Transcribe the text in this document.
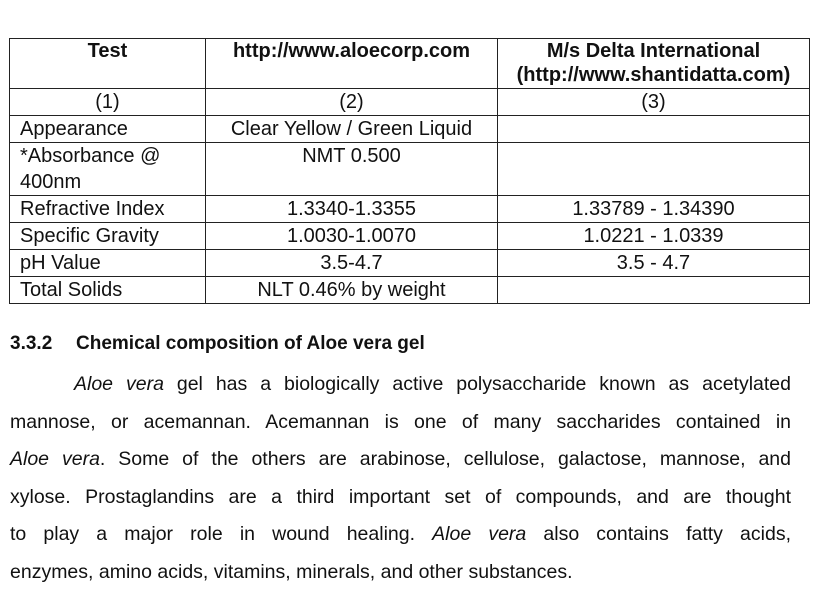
Test	http://www.aloecorp.com	M/s Delta International
(http://www.shantidatta.com)

(1)	(2)	(3)
Appearance	Clear Yellow / Green Liquid	

*Absorbance @
400nm	NMT 0.500	
Refractive Index	1.3340-1.3355	1.33789 - 1.34390
Specific Gravity	1.0030-1.0070	1.0221 - 1.0339
pH Value	3.5-4.7	3.5 - 4.7
Total Solids	NLT 0.46% by weight	
3.3.2 Chemical composition of Aloe vera gel
Aloe vera gel has a biologically active polysaccharide known as acetylated
mannose, or acemannan. Acemannan is one of many saccharides contained in
Aloe vera. Some of the others are arabinose, cellulose, galactose, mannose, and
xylose. Prostaglandins are a third important set of compounds, and are thought
to play a major role in wound healing. Aloe vera also contains fatty acids,
enzymes, amino acids, vitamins, minerals, and other substances.
